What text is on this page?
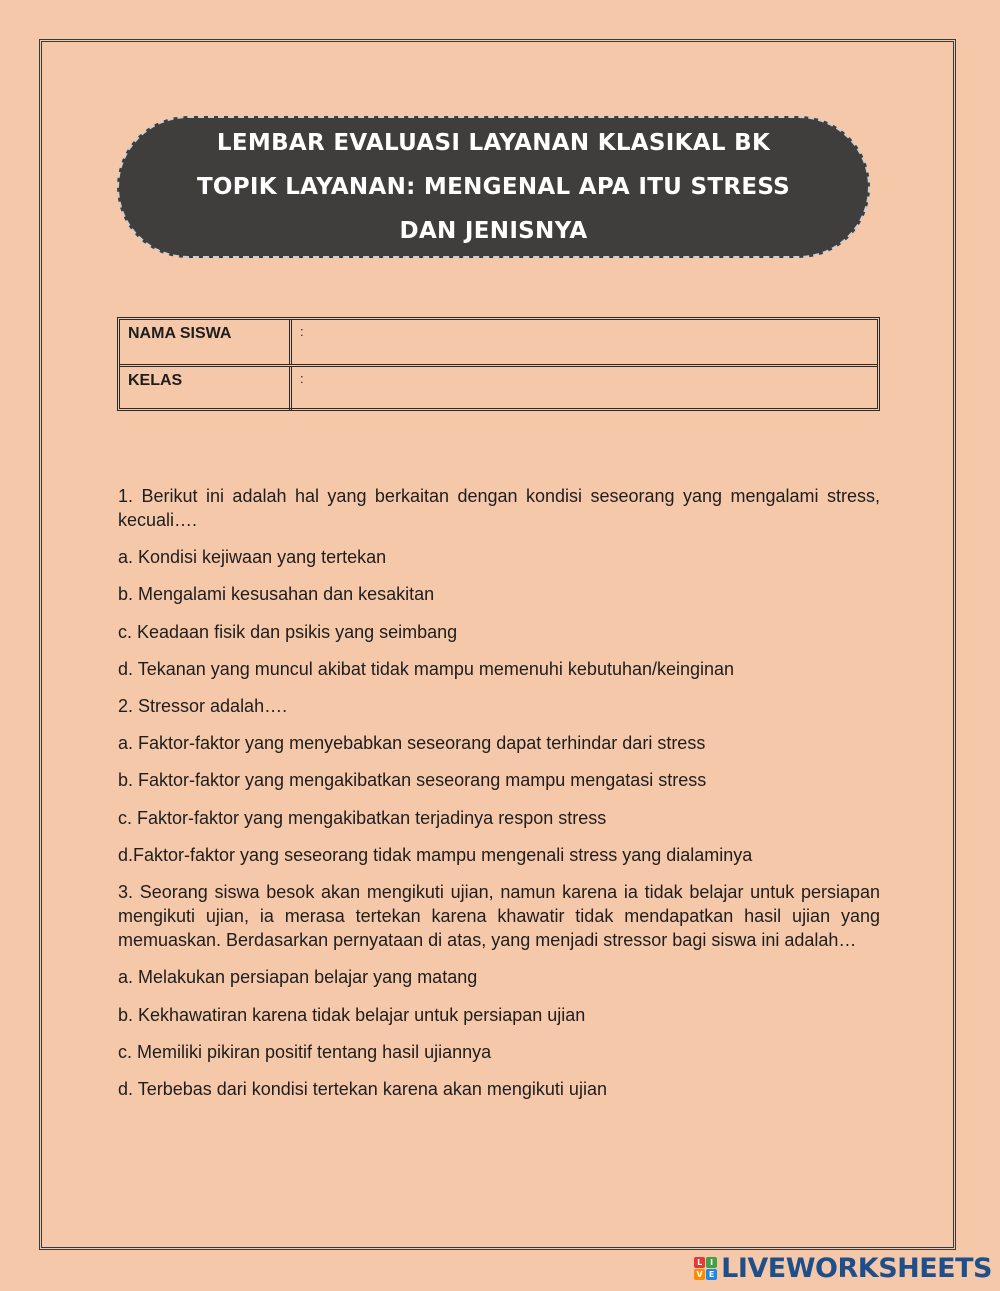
LEMBAR EVALUASI LAYANAN KLASIKAL BK
TOPIK LAYANAN: MENGENAL APA ITU STRESS
DAN JENISNYA
NAMA SISWA	:
KELAS	:
1. Berikut ini adalah hal yang berkaitan dengan kondisi seseorang yang mengalami stress, kecuali….
a. Kondisi kejiwaan yang tertekan
b. Mengalami kesusahan dan kesakitan
c. Keadaan fisik dan psikis yang seimbang
d. Tekanan yang muncul akibat tidak mampu memenuhi kebutuhan/keinginan
2. Stressor adalah….
a. Faktor-faktor yang menyebabkan seseorang dapat terhindar dari stress
b. Faktor-faktor yang mengakibatkan seseorang mampu mengatasi stress
c. Faktor-faktor yang mengakibatkan terjadinya respon stress
d.Faktor-faktor yang seseorang tidak mampu mengenali stress yang dialaminya
3. Seorang siswa besok akan mengikuti ujian, namun karena ia tidak belajar untuk persiapan mengikuti ujian, ia merasa tertekan karena khawatir tidak mendapatkan hasil ujian yang memuaskan. Berdasarkan pernyataan di atas, yang menjadi stressor bagi siswa ini adalah…
a. Melakukan persiapan belajar yang matang
b. Kekhawatiran karena tidak belajar untuk persiapan ujian
c. Memiliki pikiran positif tentang hasil ujiannya
d. Terbebas dari kondisi tertekan karena akan mengikuti ujian
L I
V E LIVEWORKSHEETS
